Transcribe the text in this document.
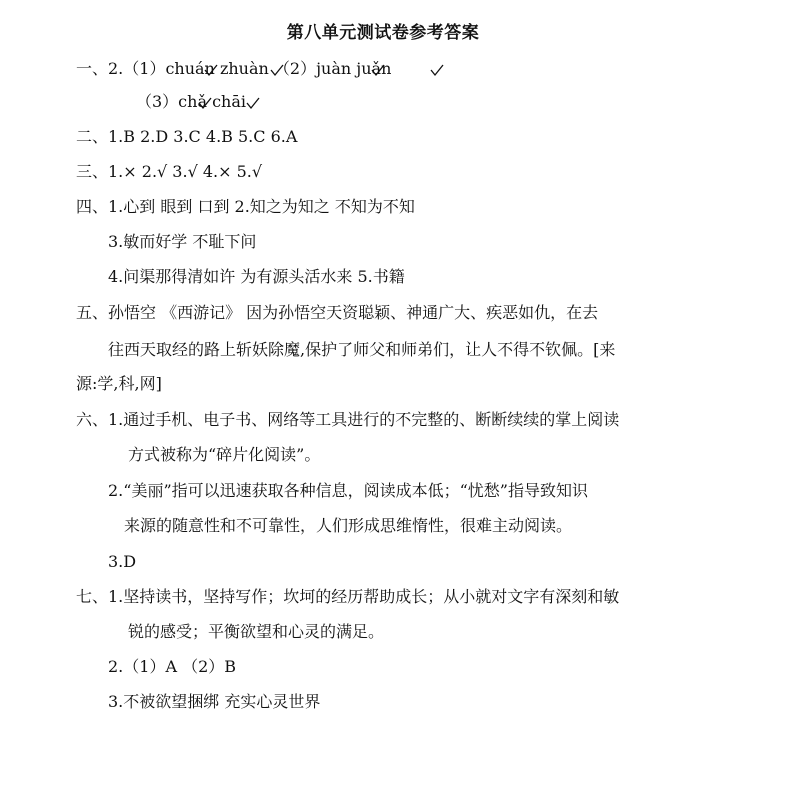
第八单元测试卷参考答案
一、2.（1）chuán zhuàn （2）juàn juǎn
（3）chǎ chāi
二、1.B 2.D 3.C 4.B 5.C 6.A
三、1.× 2.√ 3.√ 4.× 5.√
四、1.心到 眼到 口到 2.知之为知之 不知为不知
3.敏而好学 不耻下问
4.问渠那得清如许 为有源头活水来 5.书籍
五、孙悟空 《西游记》 因为孙悟空天资聪颖、神通广大、疾恶如仇，在去
往西天取经的路上斩妖除魔,保护了师父和师弟们，让人不得不钦佩。[来
源:学,科,网]
六、1.通过手机、电子书、网络等工具进行的不完整的、断断续续的掌上阅读
方式被称为“碎片化阅读”。
2.“美丽”指可以迅速获取各种信息，阅读成本低；“忧愁”指导致知识
来源的随意性和不可靠性，人们形成思维惰性，很难主动阅读。
3.D
七、1.坚持读书，坚持写作；坎坷的经历帮助成长；从小就对文字有深刻和敏
锐的感受；平衡欲望和心灵的满足。
2.（1）A （2）B
3.不被欲望捆绑 充实心灵世界
